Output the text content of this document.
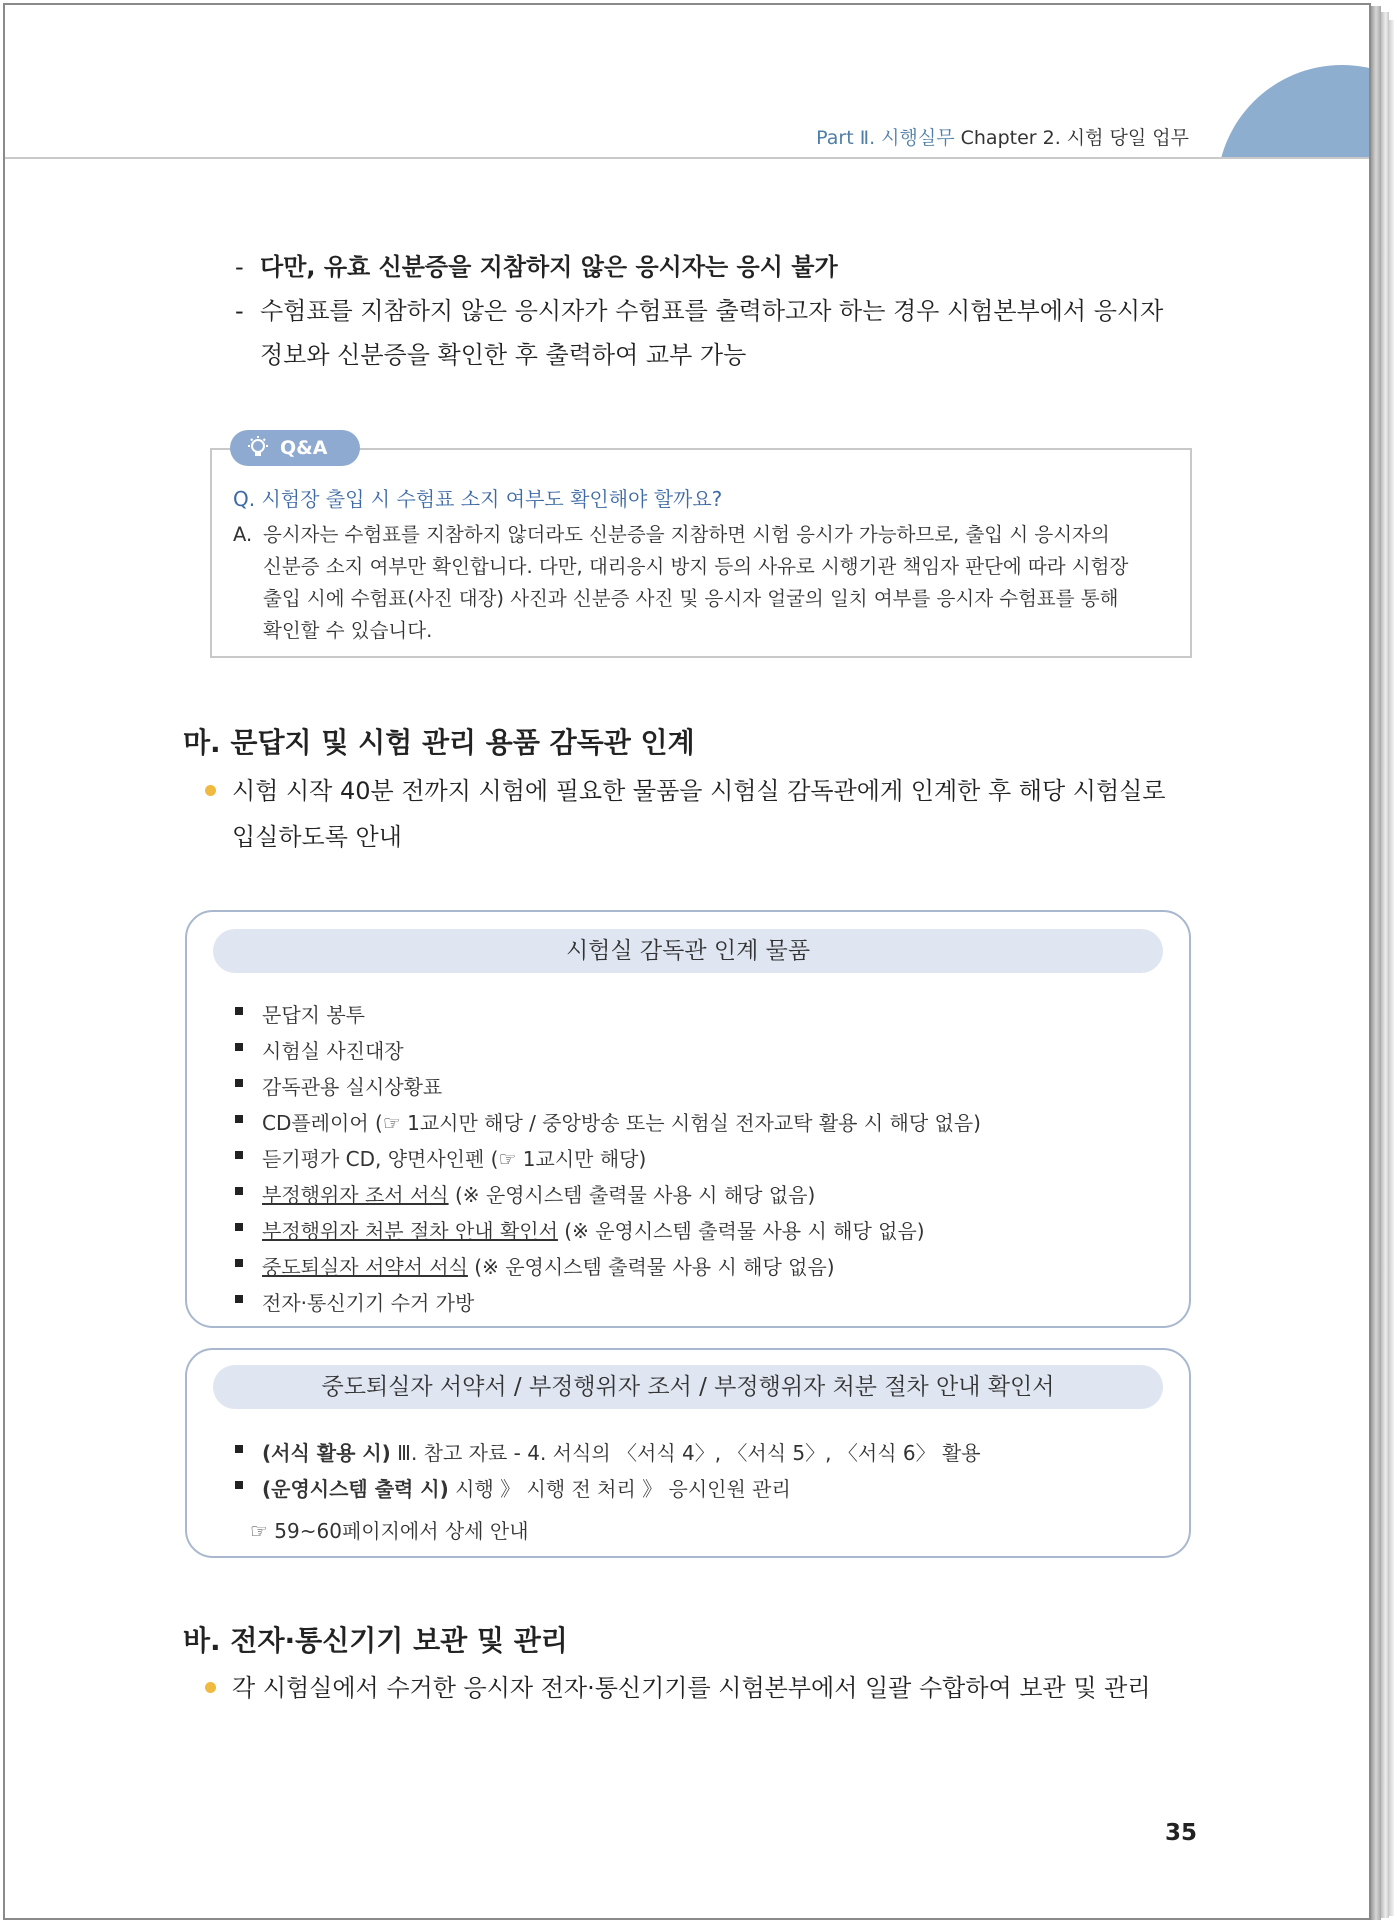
Part Ⅱ. 시행실무 Chapter 2. 시험 당일 업무
- 다만, 유효 신분증을 지참하지 않은 응시자는 응시 불가
- 수험표를 지참하지 않은 응시자가 수험표를 출력하고자 하는 경우 시험본부에서 응시자
정보와 신분증을 확인한 후 출력하여 교부 가능
Q&A
Q. 시험장 출입 시 수험표 소지 여부도 확인해야 할까요?
A. 응시자는 수험표를 지참하지 않더라도 신분증을 지참하면 시험 응시가 가능하므로, 출입 시 응시자의
신분증 소지 여부만 확인합니다. 다만, 대리응시 방지 등의 사유로 시행기관 책임자 판단에 따라 시험장
출입 시에 수험표(사진 대장) 사진과 신분증 사진 및 응시자 얼굴의 일치 여부를 응시자 수험표를 통해
확인할 수 있습니다.
마. 문답지 및 시험 관리 용품 감독관 인계
시험 시작 40분 전까지 시험에 필요한 물품을 시험실 감독관에게 인계한 후 해당 시험실로
입실하도록 안내
시험실 감독관 인계 물품
문답지 봉투
시험실 사진대장
감독관용 실시상황표
CD플레이어 (☞ 1교시만 해당 / 중앙방송 또는 시험실 전자교탁 활용 시 해당 없음)
듣기평가 CD, 양면사인펜 (☞ 1교시만 해당)
부정행위자 조서 서식 (※ 운영시스템 출력물 사용 시 해당 없음)
부정행위자 처분 절차 안내 확인서 (※ 운영시스템 출력물 사용 시 해당 없음)
중도퇴실자 서약서 서식 (※ 운영시스템 출력물 사용 시 해당 없음)
전자·통신기기 수거 가방
중도퇴실자 서약서 / 부정행위자 조서 / 부정행위자 처분 절차 안내 확인서
(서식 활용 시) Ⅲ. 참고 자료 - 4. 서식의 〈서식 4〉, 〈서식 5〉, 〈서식 6〉 활용
(운영시스템 출력 시) 시행 》 시행 전 처리 》 응시인원 관리
☞ 59~60페이지에서 상세 안내
바. 전자·통신기기 보관 및 관리
각 시험실에서 수거한 응시자 전자·통신기기를 시험본부에서 일괄 수합하여 보관 및 관리
35
